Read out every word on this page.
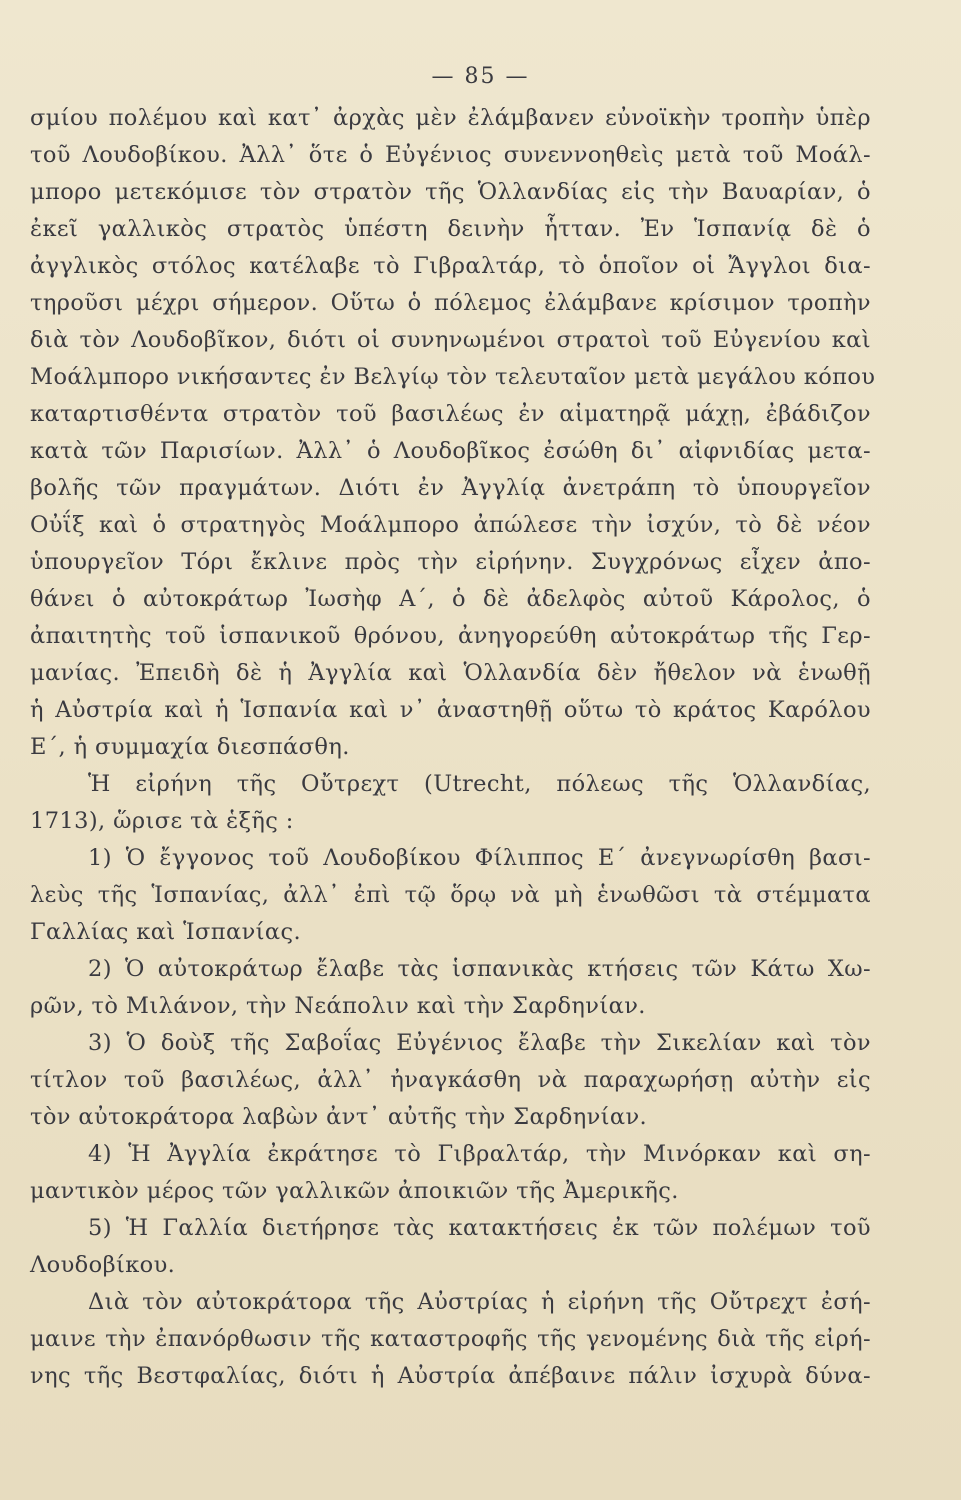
— 85 —
σμίου πολέμου καὶ κατ᾽ ἀρχὰς μὲν ἐλάμβανεν εὐνοϊκὴν τροπὴν ὑπὲρ
τοῦ Λουδοβίκου. Ἀλλ᾽ ὅτε ὁ Εὐγένιος συνεννοηθεὶς μετὰ τοῦ Μοάλ-
μπορο μετεκόμισε τὸν στρατὸν τῆς Ὁλλανδίας εἰς τὴν Βαυαρίαν, ὁ
ἐκεῖ γαλλικὸς στρατὸς ὑπέστη δεινὴν ἧτταν. Ἐν Ἱσπανίᾳ δὲ ὁ
ἀγγλικὸς στόλος κατέλαβε τὸ Γιβραλτάρ, τὸ ὁποῖον οἱ Ἄγγλοι δια-
τηροῦσι μέχρι σήμερον. Οὕτω ὁ πόλεμος ἐλάμβανε κρίσιμον τροπὴν
διὰ τὸν Λουδοβῖκον, διότι οἱ συνηνωμένοι στρατοὶ τοῦ Εὐγενίου καὶ
Μοάλμπορο νικήσαντες ἐν Βελγίῳ τὸν τελευταῖον μετὰ μεγάλου κόπου
καταρτισθέντα στρατὸν τοῦ βασιλέως ἐν αἱματηρᾷ μάχῃ, ἐβάδιζον
κατὰ τῶν Παρισίων. Ἀλλ᾽ ὁ Λουδοβῖκος ἐσώθη δι᾽ αἰφνιδίας μετα-
βολῆς τῶν πραγμάτων. Διότι ἐν Ἀγγλίᾳ ἀνετράπη τὸ ὑπουργεῖον
Οὐΐξ καὶ ὁ στρατηγὸς Μοάλμπορο ἀπώλεσε τὴν ἰσχύν, τὸ δὲ νέον
ὑπουργεῖον Τόρι ἔκλινε πρὸς τὴν εἰρήνην. Συγχρόνως εἶχεν ἀπο-
θάνει ὁ αὐτοκράτωρ Ἰωσὴφ Α΄, ὁ δὲ ἀδελφὸς αὐτοῦ Κάρολος, ὁ
ἀπαιτητὴς τοῦ ἱσπανικοῦ θρόνου, ἀνηγορεύθη αὐτοκράτωρ τῆς Γερ-
μανίας. Ἐπειδὴ δὲ ἡ Ἀγγλία καὶ Ὁλλανδία δὲν ἤθελον νὰ ἑνωθῇ
ἡ Αὐστρία καὶ ἡ Ἱσπανία καὶ ν᾽ ἀναστηθῇ οὕτω τὸ κράτος Καρόλου
Ε΄, ἡ συμμαχία διεσπάσθη.
Ἡ εἰρήνη τῆς Οὔτρεχτ (Utrecht, πόλεως τῆς Ὁλλανδίας,
1713), ὥρισε τὰ ἑξῆς :
1) Ὁ ἔγγονος τοῦ Λουδοβίκου Φίλιππος Ε΄ ἀνεγνωρίσθη βασι-
λεὺς τῆς Ἱσπανίας, ἀλλ᾽ ἐπὶ τῷ ὅρῳ νὰ μὴ ἑνωθῶσι τὰ στέμματα
Γαλλίας καὶ Ἱσπανίας.
2) Ὁ αὐτοκράτωρ ἔλαβε τὰς ἱσπανικὰς κτήσεις τῶν Κάτω Χω-
ρῶν, τὸ Μιλάνον, τὴν Νεάπολιν καὶ τὴν Σαρδηνίαν.
3) Ὁ δοὺξ τῆς Σαβοΐας Εὐγένιος ἔλαβε τὴν Σικελίαν καὶ τὸν
τίτλον τοῦ βασιλέως, ἀλλ᾽ ἠναγκάσθη νὰ παραχωρήσῃ αὐτὴν εἰς
τὸν αὐτοκράτορα λαβὼν ἀντ᾽ αὐτῆς τὴν Σαρδηνίαν.
4) Ἡ Ἀγγλία ἐκράτησε τὸ Γιβραλτάρ, τὴν Μινόρκαν καὶ ση-
μαντικὸν μέρος τῶν γαλλικῶν ἀποικιῶν τῆς Ἀμερικῆς.
5) Ἡ Γαλλία διετήρησε τὰς κατακτήσεις ἐκ τῶν πολέμων τοῦ
Λουδοβίκου.
Διὰ τὸν αὐτοκράτορα τῆς Αὐστρίας ἡ εἰρήνη τῆς Οὔτρεχτ ἐσή-
μαινε τὴν ἐπανόρθωσιν τῆς καταστροφῆς τῆς γενομένης διὰ τῆς εἰρή-
νης τῆς Βεστφαλίας, διότι ἡ Αὐστρία ἀπέβαινε πάλιν ἰσχυρὰ δύνα-
